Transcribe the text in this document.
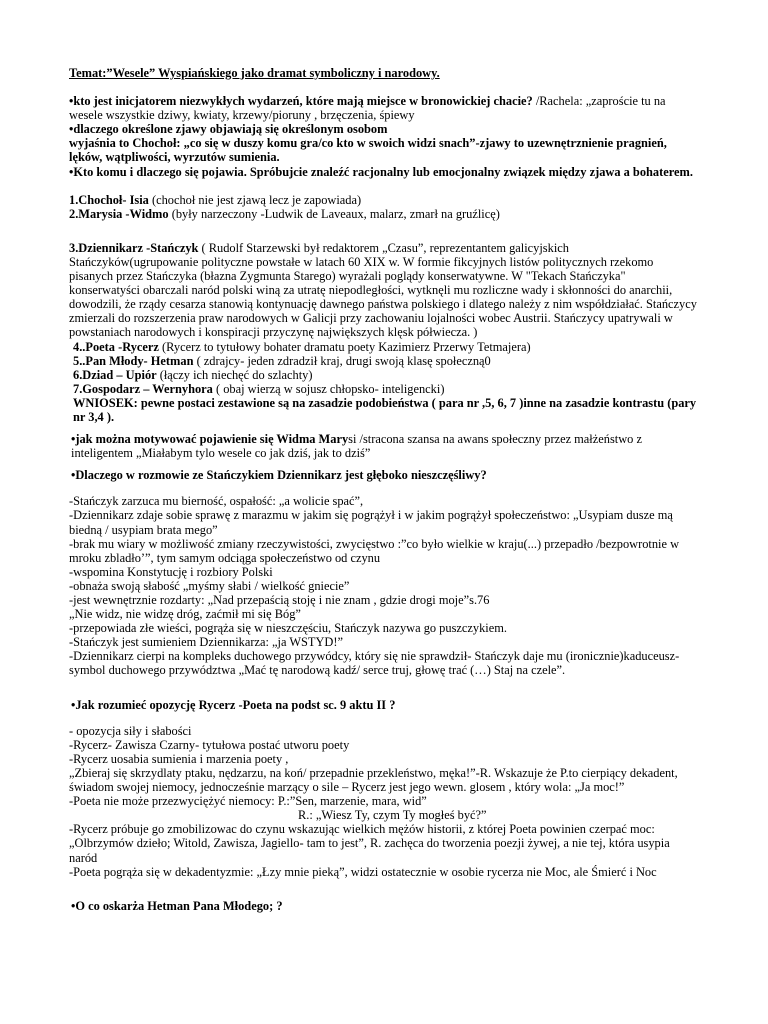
Temat:”Wesele” Wyspiańskiego jako dramat symboliczny i narodowy.

•kto jest inicjatorem niezwykłych wydarzeń, które mają miejsce w bronowickiej chacie? /Rachela: „zaproście tu na wesele wszystkie dziwy, kwiaty, krzewy/pioruny , brzęczenia, śpiewy

•dlaczego określone zjawy objawiają się określonym osobom

wyjaśnia to Chochoł: „co się w duszy komu gra/co kto w swoich widzi snach”-zjawy to uzewnętrznienie pragnień, lęków, wątpliwości, wyrzutów sumienia.

•Kto komu i dlaczego się pojawia. Spróbujcie znaleźć racjonalny lub emocjonalny związek między zjawa a bohaterem.

1.Chochoł- Isia (chochoł nie jest zjawą lecz je zapowiada)

2.Marysia -Widmo (były narzeczony -Ludwik de Laveaux, malarz, zmarł na gruźlicę)

3.Dziennikarz -Stańczyk ( Rudolf Starzewski był redaktorem „Czasu”, reprezentantem galicyjskich Stańczyków(ugrupowanie polityczne powstałe w latach 60 XIX w. W formie fikcyjnych listów politycznych rzekomo pisanych przez Stańczyka (błazna Zygmunta Starego) wyrażali poglądy konserwatywne. W "Tekach Stańczyka" konserwatyści obarczali naród polski winą za utratę niepodległości, wytknęli mu rozliczne wady i skłonności do anarchii, dowodzili, że rządy cesarza stanowią kontynuację dawnego państwa polskiego i dlatego należy z nim współdziałać. Stańczycy zmierzali do rozszerzenia praw narodowych w Galicji przy zachowaniu lojalności wobec Austrii. Stańczycy upatrywali w powstaniach narodowych i konspiracji przyczynę największych klęsk półwiecza. )

4..Poeta -Rycerz (Rycerz to tytułowy bohater dramatu poety Kazimierz Przerwy Tetmajera)

5..Pan Młody- Hetman ( zdrajcy- jeden zdradził kraj, drugi swoją klasę społeczną0

6.Dziad – Upiór (łączy ich niechęć do szlachty)

7.Gospodarz – Wernyhora ( obaj wierzą w sojusz chłopsko- inteligencki)

WNIOSEK: pewne postaci zestawione są na zasadzie podobieństwa ( para nr ,5, 6, 7 )inne na zasadzie kontrastu (pary nr 3,4 ).

•jak można motywować pojawienie się Widma Marysi /stracona szansa na awans społeczny przez małżeństwo z inteligentem „Miałabym tylo wesele co jak dziś, jak to dziś”

•Dlaczego w rozmowie ze Stańczykiem Dziennikarz jest głęboko nieszczęśliwy?

-Stańczyk zarzuca mu bierność, ospałość: „a wolicie spać”,

-Dziennikarz zdaje sobie sprawę z marazmu w jakim się pogrążył i w jakim pogrążył społeczeństwo: „Usypiam dusze mą biedną / usypiam brata mego”

-brak mu wiary w możliwość zmiany rzeczywistości, zwycięstwo :”co było wielkie w kraju(...) przepadło /bezpowrotnie w mroku zbladło’”, tym samym odciąga społeczeństwo od czynu

-wspomina Konstytucję i rozbiory Polski

-obnaża swoją słabość „myśmy słabi / wielkość gniecie”

-jest wewnętrznie rozdarty: „Nad przepaścią stoję i nie znam , gdzie drogi moje”s.76

„Nie widz, nie widzę dróg, zaćmił mi się Bóg”

-przepowiada złe wieści, pogrąża się w nieszczęściu, Stańczyk nazywa go puszczykiem.

-Stańczyk jest sumieniem Dziennikarza: „ja WSTYD!”

-Dziennikarz cierpi na kompleks duchowego przywódcy, który się nie sprawdził- Stańczyk daje mu (ironicznie)kaduceusz- symbol duchowego przywództwa „Mać tę narodową kadź/ serce truj, głowę trać (…) Staj na czele”.

•Jak rozumieć opozycję Rycerz -Poeta na podst sc. 9 aktu II ?

- opozycja siły i słabości

-Rycerz- Zawisza Czarny- tytułowa postać utworu poety

-Rycerz uosabia sumienia i marzenia poety ,

„Zbieraj się skrzydlaty ptaku, nędzarzu, na koń/ przepadnie przekleństwo, męka!”-R. Wskazuje że P.to cierpiący dekadent, świadom swojej niemocy, jednocześnie marzący o sile – Rycerz jest jego wewn. glosem , który wola: „Ja moc!”

-Poeta nie może przezwyciężyć niemocy: P.:”Sen, marzenie, mara, wid”

R.: „Wiesz Ty, czym Ty mogłeś być?”

-Rycerz próbuje go zmobilizowac do czynu wskazując wielkich mężów historii, z której Poeta powinien czerpać moc: „Olbrzymów dzieło; Witold, Zawisza, Jagiello- tam to jest”, R. zachęca do tworzenia poezji żywej, a nie tej, która usypia naród

-Poeta pogrąża się w dekadentyzmie: „Łzy mnie pieką”, widzi ostatecznie w osobie rycerza nie Moc, ale Śmierć i Noc

•O co oskarża Hetman Pana Młodego; ?
